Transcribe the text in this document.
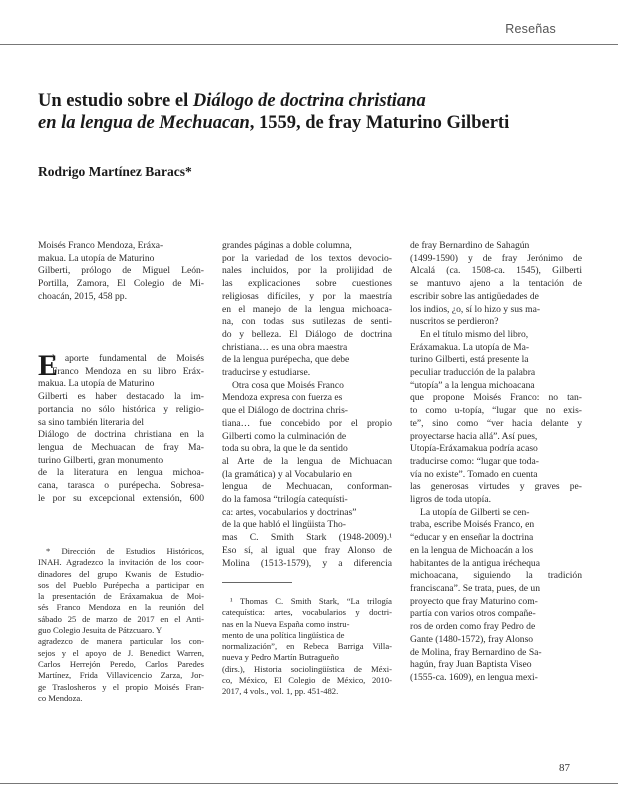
Reseñas
Un estudio sobre el Diálogo de doctrina christiana
en la lengua de Mechuacan, 1559, de fray Maturino Gilberti
Rodrigo Martínez Baracs*
Moisés Franco Mendoza, Eráxa-
makua. La utopía de Maturino
Gilberti, prólogo de Miguel León-
Portilla, Zamora, El Colegio de Mi-
choacán, 2015, 458 pp.
E
l aporte fundamental de Moisés
Franco Mendoza en su libro Eráx-
makua. La utopía de Maturino
Gilberti es haber destacado la im-
portancia no sólo histórica y religio-
sa sino también literaria del
Diálogo de doctrina christiana en la
lengua de Mechuacan de fray Ma-
turino Gilberti, gran monumento
de la literatura en lengua michoa-
cana, tarasca o purépecha. Sobresa-
le por su excepcional extensión, 600
* Dirección de Estudios Históricos,
INAH. Agradezco la invitación de los coor-
dinadores del grupo Kwanis de Estudio-
sos del Pueblo Purépecha a participar en
la presentación de Eráxamakua de Moi-
sés Franco Mendoza en la reunión del
sábado 25 de marzo de 2017 en el Anti-
guo Colegio Jesuita de Pátzcuaro. Y
agradezco de manera particular los con-
sejos y el apoyo de J. Benedict Warren,
Carlos Herrejón Peredo, Carlos Paredes
Martínez, Frida Villavicencio Zarza, Jor-
ge Traslosheros y el propio Moisés Fran-
co Mendoza.
grandes páginas a doble columna,
por la variedad de los textos devocio-
nales incluidos, por la prolijidad de
las explicaciones sobre cuestiones
religiosas difíciles, y por la maestría
en el manejo de la lengua michoaca-
na, con todas sus sutilezas de senti-
do y belleza. El Diálogo de doctrina
christiana… es una obra maestra
de la lengua purépecha, que debe
traducirse y estudiarse.
Otra cosa que Moisés Franco
Mendoza expresa con fuerza es
que el Diálogo de doctrina chris-
tiana… fue concebido por el propio
Gilberti como la culminación de
toda su obra, la que le da sentido
al Arte de la lengua de Michuacan
(la gramática) y al Vocabulario en
lengua de Mechuacan, conforman-
do la famosa “trilogía catequísti-
ca: artes, vocabularios y doctrinas”
de la que habló el lingüista Tho-
mas C. Smith Stark (1948-2009).¹
Eso sí, al igual que fray Alonso de
Molina (1513-1579), y a diferencia
¹ Thomas C. Smith Stark, “La trilogía
catequística: artes, vocabularios y doctri-
nas en la Nueva España como instru-
mento de una política lingüística de
normalización”, en Rebeca Barriga Villa-
nueva y Pedro Martín Butragueño
(dirs.), Historia sociolingüística de Méxi-
co, México, El Colegio de México, 2010-
2017, 4 vols., vol. 1, pp. 451-482.
de fray Bernardino de Sahagún
(1499-1590) y de fray Jerónimo de
Alcalá (ca. 1508-ca. 1545), Gilberti
se mantuvo ajeno a la tentación de
escribir sobre las antigüedades de
los indios, ¿o, sí lo hizo y sus ma-
nuscritos se perdieron?
En el título mismo del libro,
Eráxamakua. La utopía de Ma-
turino Gilberti, está presente la
peculiar traducción de la palabra
“utopía” a la lengua michoacana
que propone Moisés Franco: no tan-
to como u-topía, “lugar que no exis-
te”, sino como “ver hacia delante y
proyectarse hacia allá”. Así pues,
Utopía-Eráxamakua podría acaso
traducirse como: “lugar que toda-
vía no existe”. Tomado en cuenta
las generosas virtudes y graves pe-
ligros de toda utopía.
La utopía de Gilberti se cen-
traba, escribe Moisés Franco, en
“educar y en enseñar la doctrina
en la lengua de Michoacán a los
habitantes de la antigua iréchequa
michoacana, siguiendo la tradición
franciscana”. Se trata, pues, de un
proyecto que fray Maturino com-
partía con varios otros compañe-
ros de orden como fray Pedro de
Gante (1480-1572), fray Alonso
de Molina, fray Bernardino de Sa-
hagún, fray Juan Baptista Viseo
(1555-ca. 1609), en lengua mexi-
87
